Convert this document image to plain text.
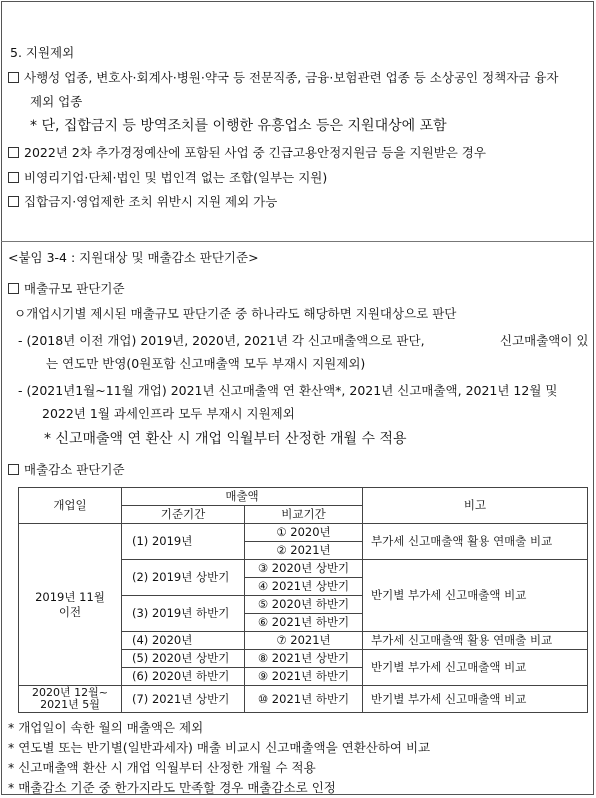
5. 지원제외
사행성 업종, 변호사·회계사·병원·약국 등 전문직종, 금융·보험관련 업종 등 소상공인 정책자금 융자
제외 업종
* 단, 집합금지 등 방역조치를 이행한 유흥업소 등은 지원대상에 포함
2022년 2차 추가경정예산에 포함된 사업 중 긴급고용안정지원금 등을 지원받은 경우
비영리기업·단체·법인 및 법인격 없는 조합(일부는 지원)
집합금지·영업제한 조치 위반시 지원 제외 가능
<붙임 3-4 : 지원대상 및 매출감소 판단기준>
매출규모 판단기준
ㅇ개업시기별 제시된 매출규모 판단기준 중 하나라도 해당하면 지원대상으로 판단
- (2018년 이전 개업) 2019년, 2020년, 2021년 각 신고매출액으로 판단,	신고매출액이 있
는 연도만 반영(0원포함 신고매출액 모두 부재시 지원제외)
- (2021년1월~11월 개업) 2021년 신고매출액 연 환산액*, 2021년 신고매출액, 2021년 12월 및
2022년 1월 과세인프라 모두 부재시 지원제외
* 신고매출액 연 환산 시 개업 익월부터 산정한 개월 수 적용
매출감소 판단기준
개업일	매출액		비고
	기준기간	비교기간	
2019년 11월
이전	(1) 2019년	① 2020년	부가세 신고매출액 활용 연매출 비교
		② 2021년	
	(2) 2019년 상반기	③ 2020년 상반기	반기별 부가세 신고매출액 비교
		④ 2021년 상반기	
	(3) 2019년 하반기	⑤ 2020년 하반기	
		⑥ 2021년 하반기	
	(4) 2020년	⑦ 2021년	부가세 신고매출액 활용 연매출 비교
	(5) 2020년 상반기	⑧ 2021년 상반기	반기별 부가세 신고매출액 비교
	(6) 2020년 하반기	⑨ 2021년 하반기	
2020년 12월~
2021년 5월	(7) 2021년 상반기	⑩ 2021년 하반기	반기별 부가세 신고매출액 비교
* 개업일이 속한 월의 매출액은 제외
* 연도별 또는 반기별(일반과세자) 매출 비교시 신고매출액을 연환산하여 비교
* 신고매출액 환산 시 개업 익월부터 산정한 개월 수 적용
* 매출감소 기준 중 한가지라도 만족할 경우 매출감소로 인정
